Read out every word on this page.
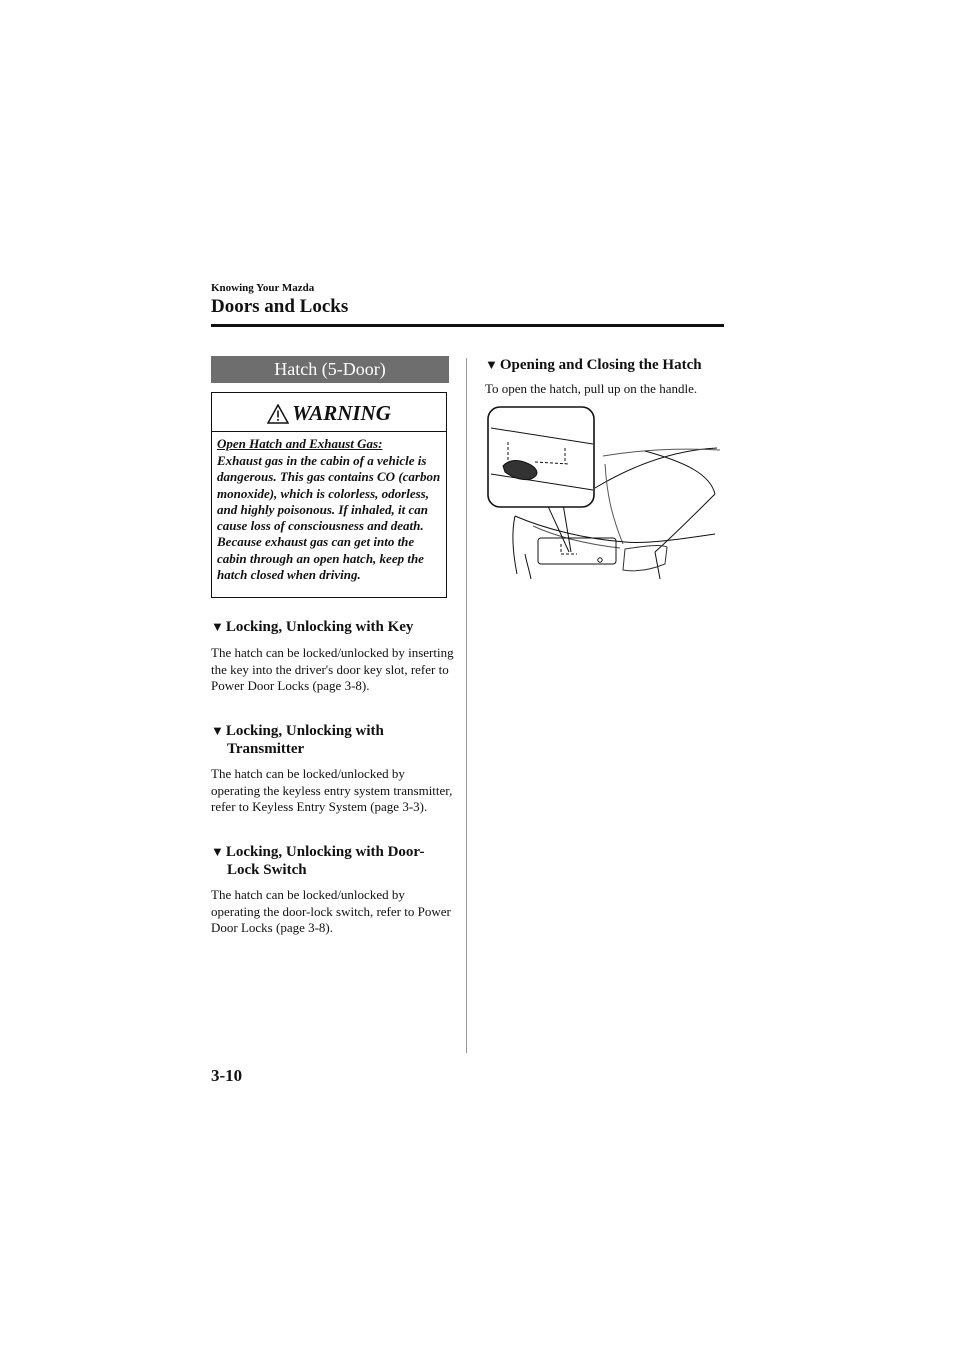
Knowing Your Mazda
Doors and Locks
Hatch (5-Door)
WARNING
Open Hatch and Exhaust Gas:
Exhaust gas in the cabin of a vehicle is dangerous. This gas contains CO (carbon monoxide), which is colorless, odorless, and highly poisonous. If inhaled, it can cause loss of consciousness and death. Because exhaust gas can get into the cabin through an open hatch, keep the hatch closed when driving.
▼ Locking, Unlocking with Key
The hatch can be locked/unlocked by inserting the key into the driver's door key slot, refer to Power Door Locks (page 3-8).
▼ Locking, Unlocking with
Transmitter
The hatch can be locked/unlocked by operating the keyless entry system transmitter, refer to Keyless Entry System (page 3-3).
▼ Locking, Unlocking with Door-
Lock Switch
The hatch can be locked/unlocked by operating the door-lock switch, refer to Power Door Locks (page 3-8).
▼ Opening and Closing the Hatch
To open the hatch, pull up on the handle.
3-10
